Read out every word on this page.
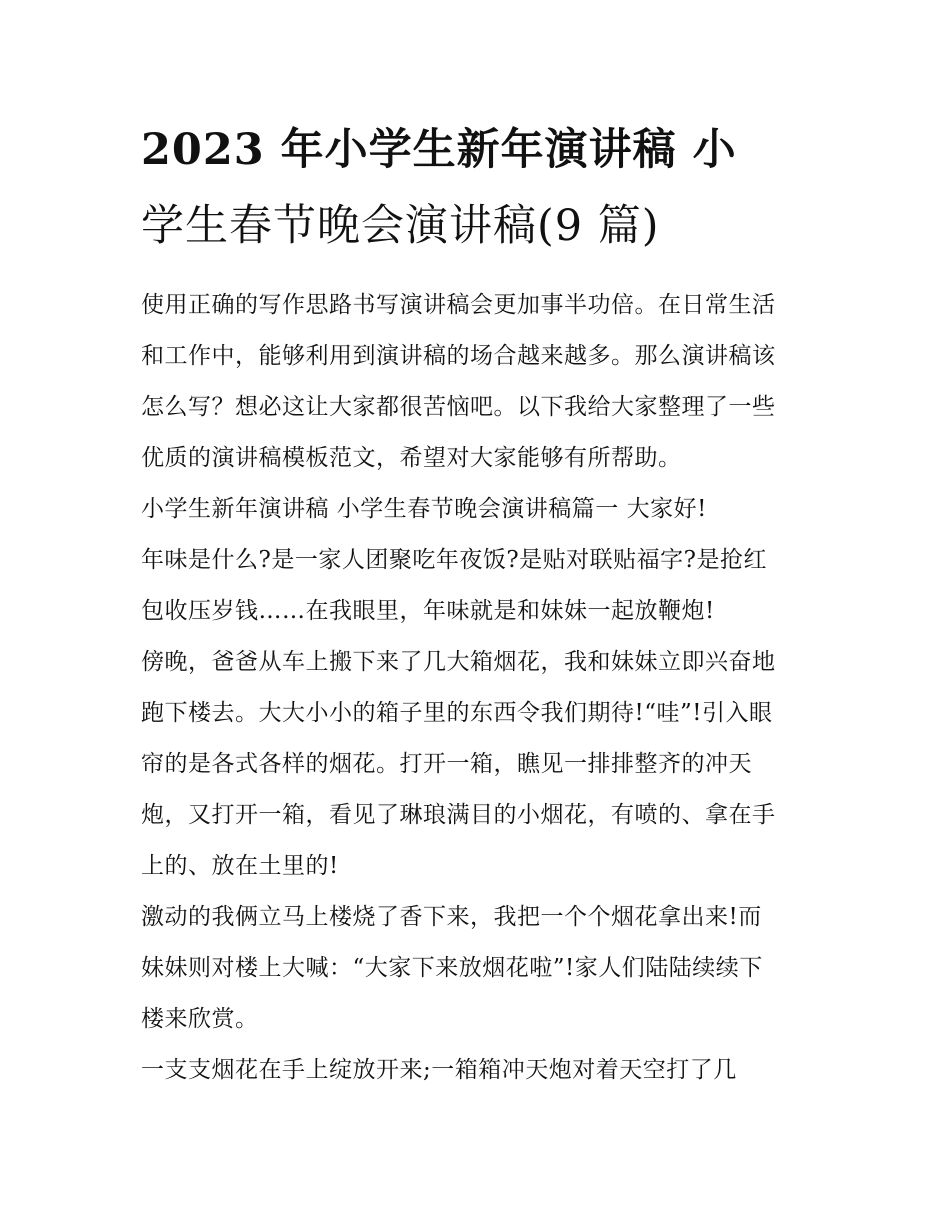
2023 年小学生新年演讲稿 小
学生春节晚会演讲稿(9 篇)

使用正确的写作思路书写演讲稿会更加事半功倍。在日常生活

和工作中，能够利用到演讲稿的场合越来越多。那么演讲稿该

怎么写？想必这让大家都很苦恼吧。以下我给大家整理了一些

优质的演讲稿模板范文，希望对大家能够有所帮助。

小学生新年演讲稿 小学生春节晚会演讲稿篇一 大家好!

年味是什么?是一家人团聚吃年夜饭?是贴对联贴福字?是抢红

包收压岁钱……在我眼里，年味就是和妹妹一起放鞭炮!

傍晚，爸爸从车上搬下来了几大箱烟花，我和妹妹立即兴奋地

跑下楼去。大大小小的箱子里的东西令我们期待!“哇”!引入眼

帘的是各式各样的烟花。打开一箱，瞧见一排排整齐的冲天

炮，又打开一箱，看见了琳琅满目的小烟花，有喷的、拿在手

上的、放在土里的!

激动的我俩立马上楼烧了香下来，我把一个个烟花拿出来!而

妹妹则对楼上大喊：“大家下来放烟花啦”!家人们陆陆续续下

楼来欣赏。

一支支烟花在手上绽放开来;一箱箱冲天炮对着天空打了几
